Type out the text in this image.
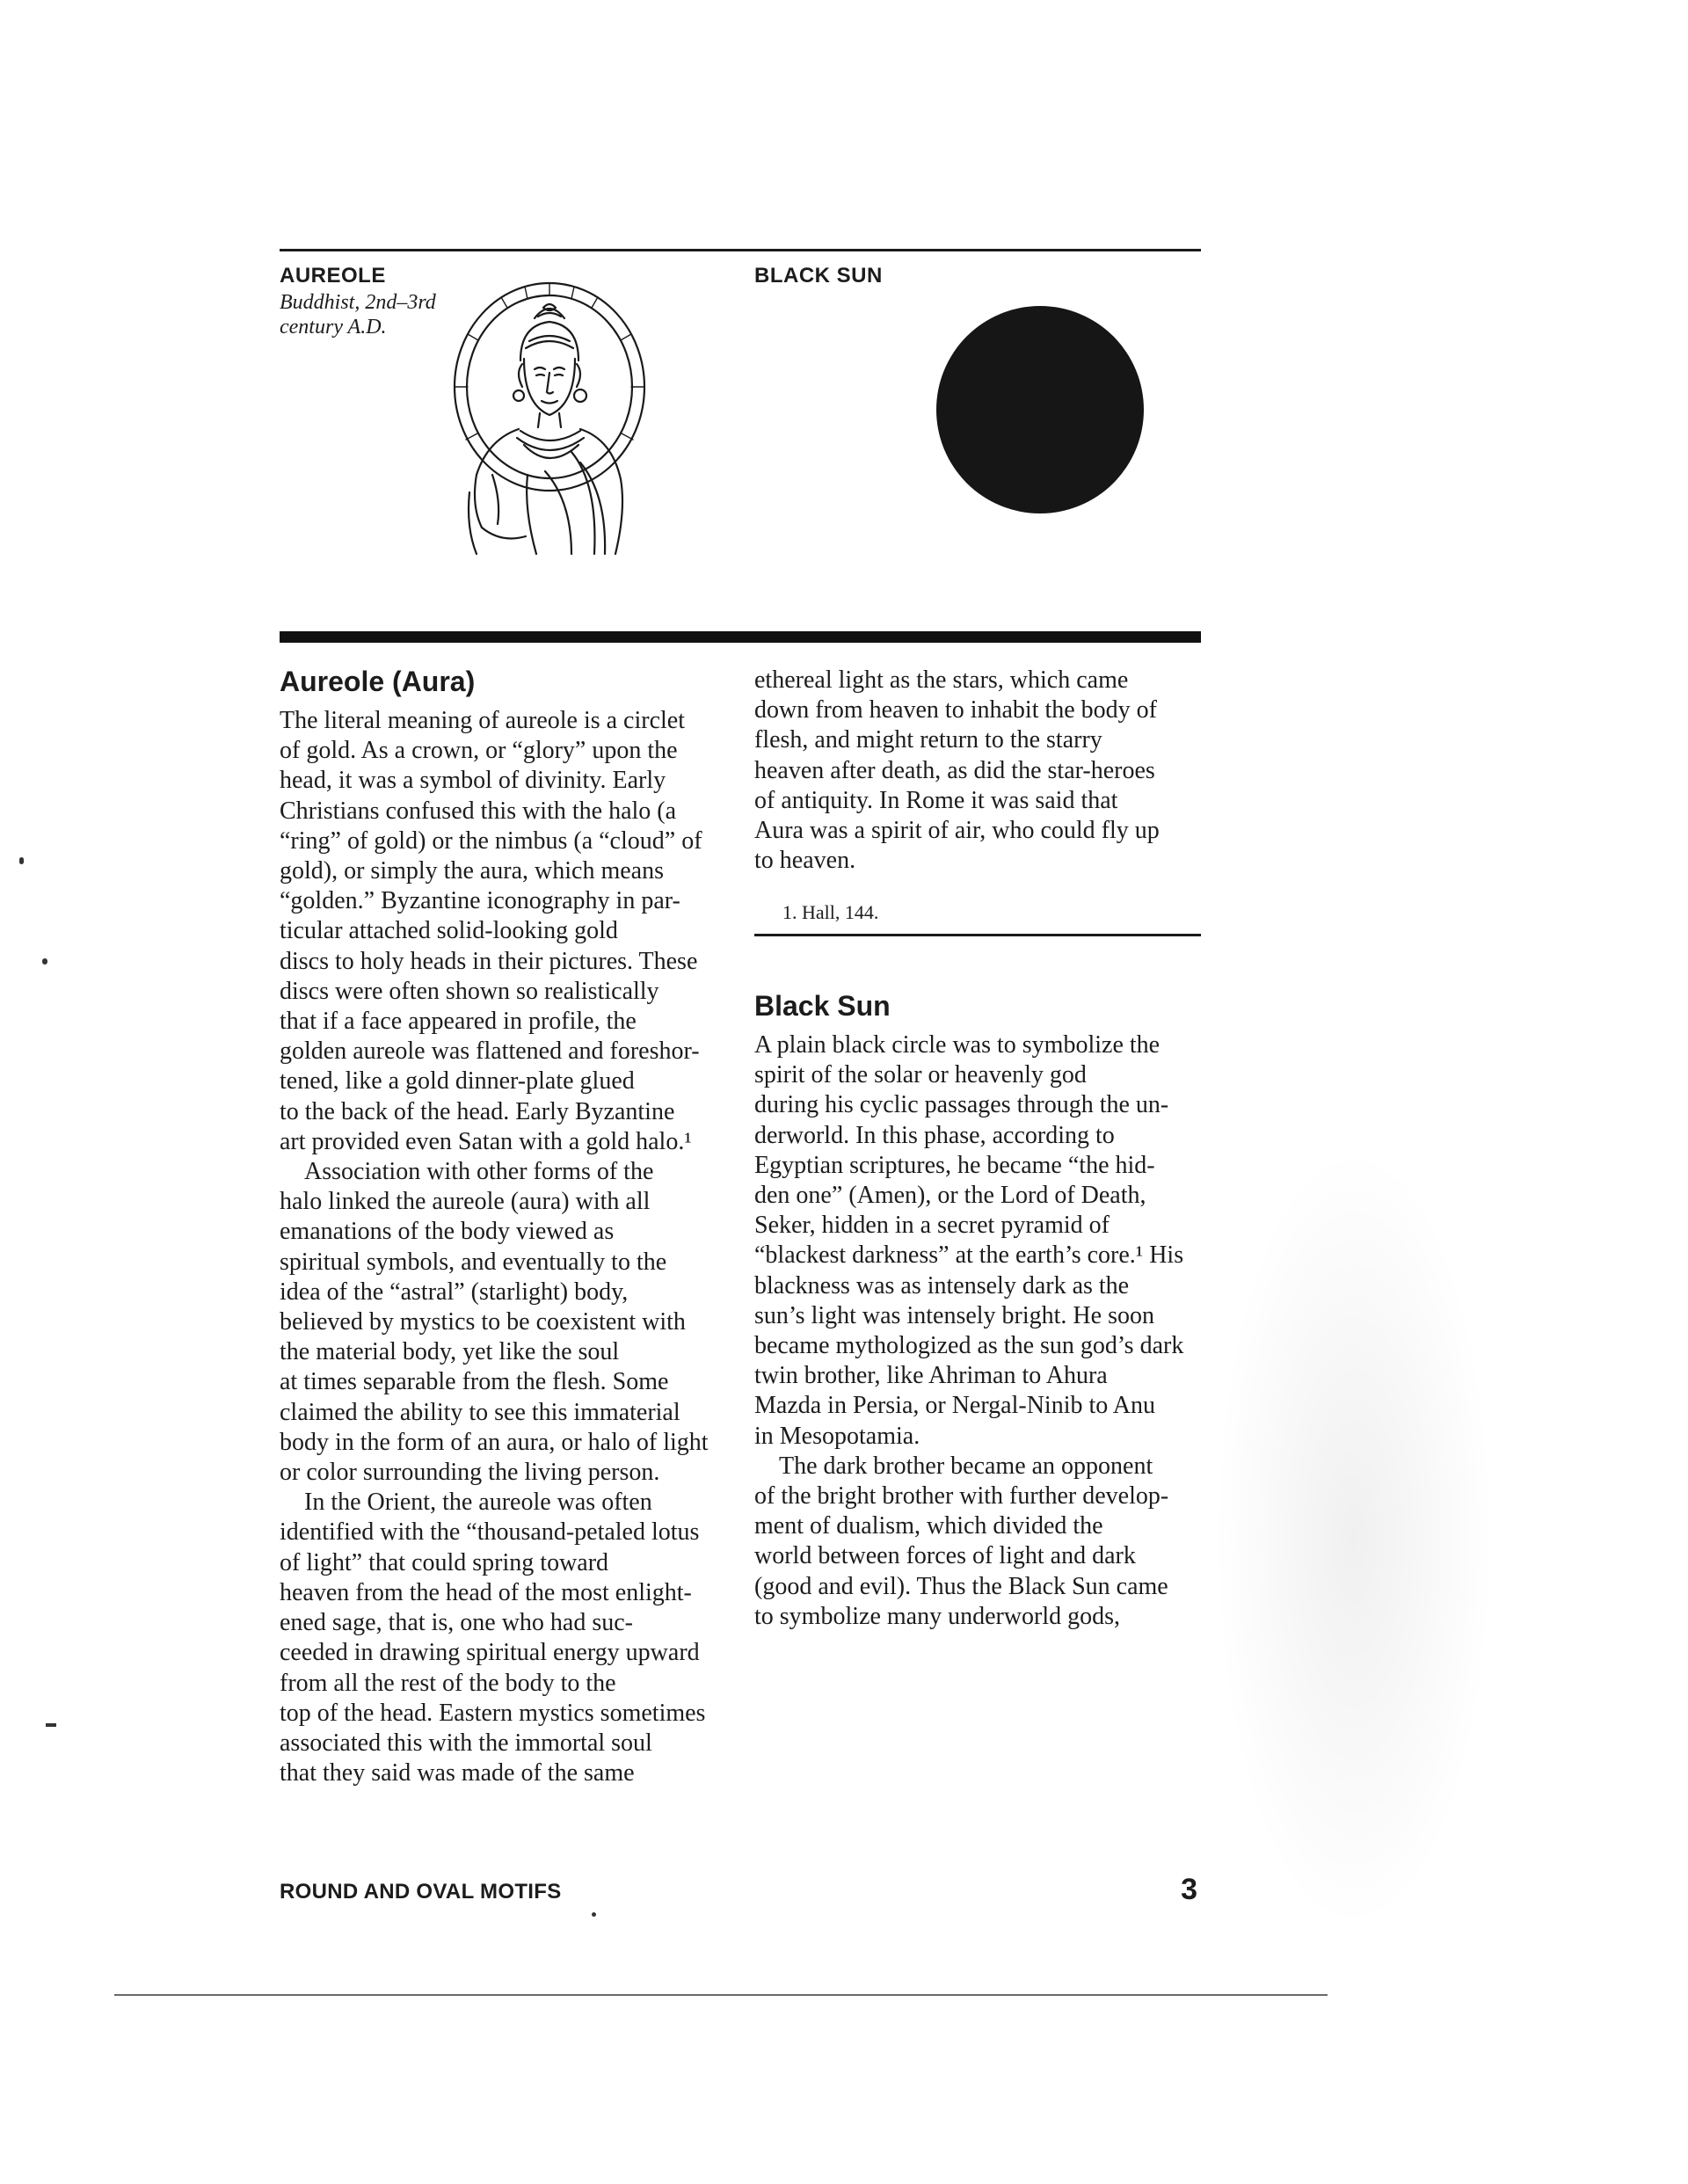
AUREOLE
Buddhist, 2nd–3rd
century A.D.
BLACK SUN
Aureole (Aura)
The literal meaning of aureole is a circlet
of gold. As a crown, or “glory” upon the
head, it was a symbol of divinity. Early
Christians confused this with the halo (a
“ring” of gold) or the nimbus (a “cloud” of
gold), or simply the aura, which means
“golden.” Byzantine iconography in par-
ticular attached solid-looking gold
discs to holy heads in their pictures. These
discs were often shown so realistically
that if a face appeared in profile, the
golden aureole was flattened and foreshor-
tened, like a gold dinner-plate glued
to the back of the head. Early Byzantine
art provided even Satan with a gold halo.¹
Association with other forms of the
halo linked the aureole (aura) with all
emanations of the body viewed as
spiritual symbols, and eventually to the
idea of the “astral” (starlight) body,
believed by mystics to be coexistent with
the material body, yet like the soul
at times separable from the flesh. Some
claimed the ability to see this immaterial
body in the form of an aura, or halo of light
or color surrounding the living person.
In the Orient, the aureole was often
identified with the “thousand-petaled lotus
of light” that could spring toward
heaven from the head of the most enlight-
ened sage, that is, one who had suc-
ceeded in drawing spiritual energy upward
from all the rest of the body to the
top of the head. Eastern mystics sometimes
associated this with the immortal soul
that they said was made of the same
ethereal light as the stars, which came
down from heaven to inhabit the body of
flesh, and might return to the starry
heaven after death, as did the star-heroes
of antiquity. In Rome it was said that
Aura was a spirit of air, who could fly up
to heaven.
1. Hall, 144.
Black Sun
A plain black circle was to symbolize the
spirit of the solar or heavenly god
during his cyclic passages through the un-
derworld. In this phase, according to
Egyptian scriptures, he became “the hid-
den one” (Amen), or the Lord of Death,
Seker, hidden in a secret pyramid of
“blackest darkness” at the earth’s core.¹ His
blackness was as intensely dark as the
sun’s light was intensely bright. He soon
became mythologized as the sun god’s dark
twin brother, like Ahriman to Ahura
Mazda in Persia, or Nergal-Ninib to Anu
in Mesopotamia.
The dark brother became an opponent
of the bright brother with further develop-
ment of dualism, which divided the
world between forces of light and dark
(good and evil). Thus the Black Sun came
to symbolize many underworld gods,
ROUND AND OVAL MOTIFS	3
